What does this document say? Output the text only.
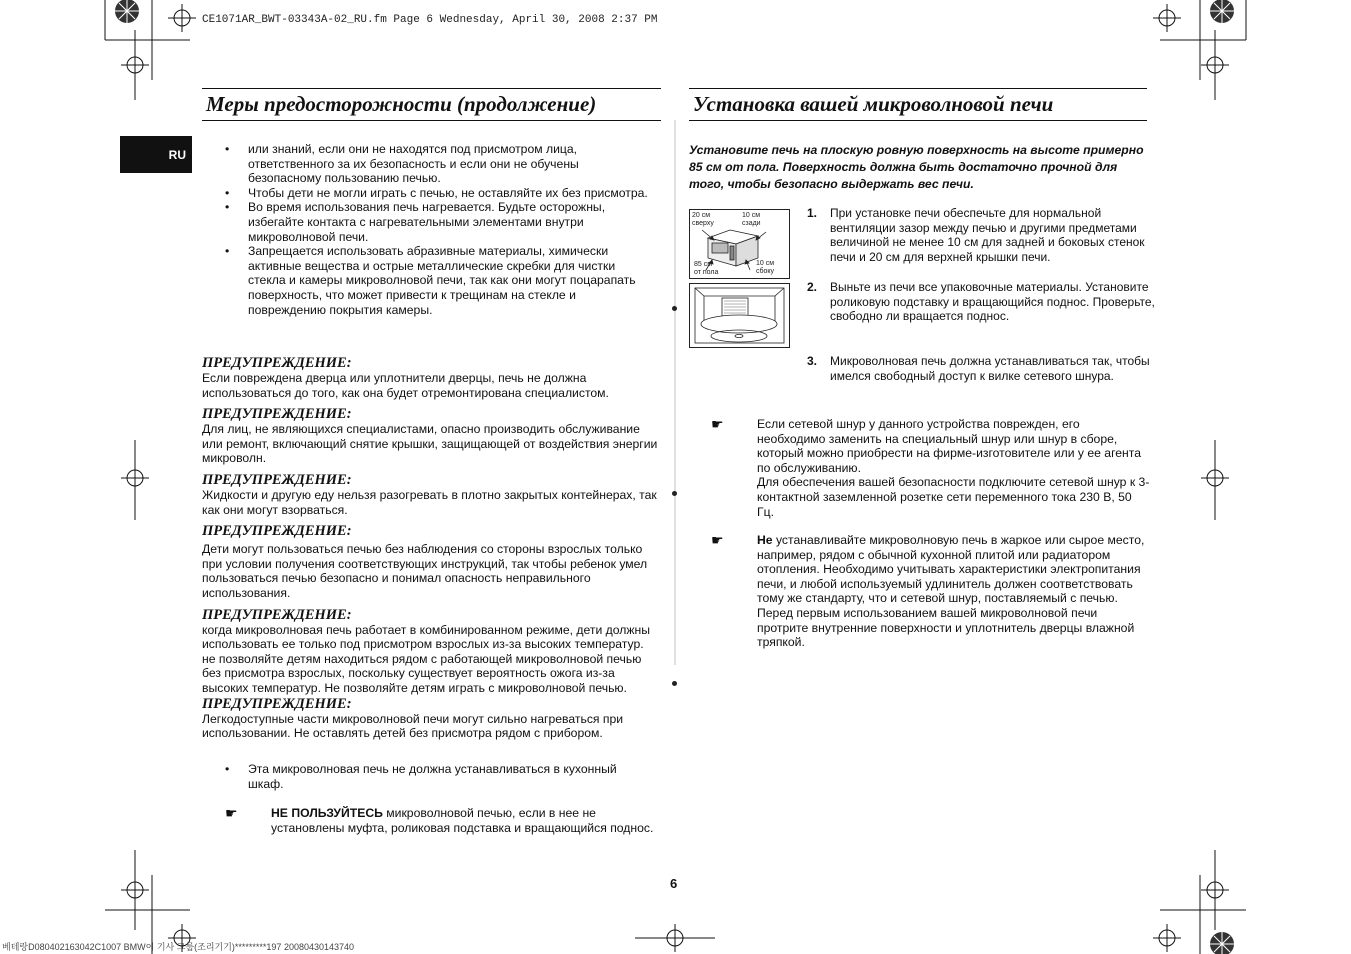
CE1071AR_BWT-03343A-02_RU.fm Page 6 Wednesday, April 30, 2008 2:37 PM
베테랑D080402163042C1007 BMW이 기사 그룹(조리기기)*********197 20080430143740
RU
Меры предосторожности (продолжение)
• или знаний, если они не находятся под присмотром лица, ответственного за их безопасность и если они не обучены безопасному пользованию печью.
• Чтобы дети не могли играть с печью, не оставляйте их без присмотра.
• Во время использования печь нагревается. Будьте осторожны, избегайте контакта с нагревательными элементами внутри микроволновой печи.
• Запрещается использовать абразивные материалы, химически активные вещества и острые металлические скребки для чистки стекла и камеры микроволновой печи, так как они могут поцарапать поверхность, что может привести к трещинам на стекле и повреждению покрытия камеры.
ПРЕДУПРЕЖДЕНИЕ:
Если повреждена дверца или уплотнители дверцы, печь не должна использоваться до того, как она будет отремонтирована специалистом.
ПРЕДУПРЕЖДЕНИЕ:
Для лиц, не являющихся специалистами, опасно производить обслуживание или ремонт, включающий снятие крышки, защищающей от воздействия энергии микроволн.
ПРЕДУПРЕЖДЕНИЕ:
Жидкости и другую еду нельзя разогревать в плотно закрытых контейнерах, так как они могут взорваться.
ПРЕДУПРЕЖДЕНИЕ:
Дети могут пользоваться печью без наблюдения со стороны взрослых только при условии получения соответствующих инструкций, так чтобы ребенок умел пользоваться печью безопасно и понимал опасность неправильного использования.
ПРЕДУПРЕЖДЕНИЕ:
когда микроволновая печь работает в комбинированном режиме, дети должны использовать ее только под присмотром взрослых из-за высоких температур.
не позволяйте детям находиться рядом с работающей микроволновой печью без присмотра взрослых, поскольку существует вероятность ожога из-за высоких температур. Не позволяйте детям играть с микроволновой печью.
ПРЕДУПРЕЖДЕНИЕ:
Легкодоступные части микроволновой печи могут сильно нагреваться при использовании. Не оставлять детей без присмотра рядом с прибором.
• Эта микроволновая печь не должна устанавливаться в кухонный шкаф.
☛	НЕ ПОЛЬЗУЙТЕСЬ микроволновой печью, если в нее не установлены муфта, роликовая подставка и вращающийся поднос.
6
Установка вашей микроволновой печи
Установите печь на плоскую ровную поверхность на высоте примерно 85 см от пола. Поверхность должна быть достаточно прочной для того, чтобы безопасно выдержать вес печи.
20 см
сверху
10 см
сзади
85 см
от пола
10 см
сбоку
1. При установке печи обеспечьте для нормальной вентиляции зазор между печью и другими предметами величиной не менее 10 см для задней и боковых стенок печи и 20 см для верхней крышки печи.
2. Выньте из печи все упаковочные материалы. Установите роликовую подставку и вращающийся поднос. Проверьте, свободно ли вращается поднос.
3. Микроволновая печь должна устанавливаться так, чтобы имелся свободный доступ к вилке сетевого шнура.
☛	Если сетевой шнур у данного устройства поврежден, его необходимо заменить на специальный шнур или шнур в сборе, который можно приобрести на фирме-изготовителе или у ее агента по обслуживанию.
Для обеспечения вашей безопасности подключите сетевой шнур к 3-контактной заземленной розетке сети переменного тока 230 В, 50 Гц.
☛	Не устанавливайте микроволновую печь в жаркое или сырое место, например, рядом с обычной кухонной плитой или радиатором отопления. Необходимо учитывать характеристики электропитания печи, и любой используемый удлинитель должен соответствовать тому же стандарту, что и сетевой шнур, поставляемый с печью. Перед первым использованием вашей микроволновой печи протрите внутренние поверхности и уплотнитель дверцы влажной тряпкой.
